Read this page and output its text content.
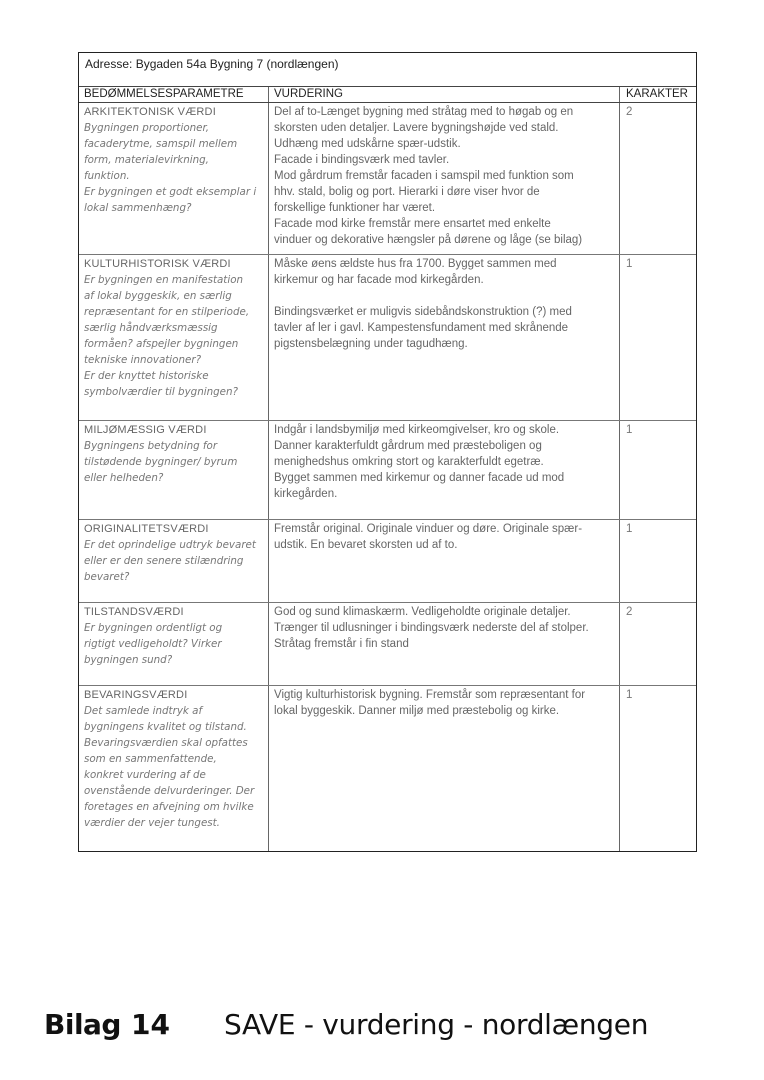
Adresse: Bygaden 54a Bygning 7 (nordlængen)
BEDØMMELSESPARAMETRE	VURDERING	KARAKTER
ARKITEKTONISK VÆRDI
Bygningen proportioner,
facaderytme, samspil mellem
form, materialevirkning,
funktion.
Er bygningen et godt eksemplar i
lokal sammenhæng?
Del af to-Længet bygning med stråtag med to høgab og en
skorsten uden detaljer. Lavere bygningshøjde ved stald.
Udhæng med udskårne spær-udstik.
Facade i bindingsværk med tavler.
Mod gårdrum fremstår facaden i samspil med funktion som
hhv. stald, bolig og port. Hierarki i døre viser hvor de
forskellige funktioner har været.
Facade mod kirke fremstår mere ensartet med enkelte
vinduer og dekorative hængsler på dørene og låge (se bilag)
2
KULTURHISTORISK VÆRDI
Er bygningen en manifestation
af lokal byggeskik, en særlig
repræsentant for en stilperiode,
særlig håndværksmæssig
formåen? afspejler bygningen
tekniske innovationer?
Er der knyttet historiske
symbolværdier til bygningen?
Måske øens ældste hus fra 1700. Bygget sammen med
kirkemur og har facade mod kirkegården.

Bindingsværket er muligvis sidebåndskonstruktion (?) med
tavler af ler i gavl. Kampestensfundament med skrånende
pigstensbelægning under tagudhæng.
1
MILJØMÆSSIG VÆRDI
Bygningens betydning for
tilstødende bygninger/ byrum
eller helheden?
Indgår i landsbymiljø med kirkeomgivelser, kro og skole.
Danner karakterfuldt gårdrum med præsteboligen og
menighedshus omkring stort og karakterfuldt egetræ.
Bygget sammen med kirkemur og danner facade ud mod
kirkegården.
1
ORIGINALITETSVÆRDI
Er det oprindelige udtryk bevaret
eller er den senere stilændring
bevaret?
Fremstår original. Originale vinduer og døre. Originale spær-
udstik. En bevaret skorsten ud af to.
1
TILSTANDSVÆRDI
Er bygningen ordentligt og
rigtigt vedligeholdt? Virker
bygningen sund?
God og sund klimaskærm. Vedligeholdte originale detaljer.
Trænger til udlusninger i bindingsværk nederste del af stolper.
Stråtag fremstår i fin stand
2
BEVARINGSVÆRDI
Det samlede indtryk af
bygningens kvalitet og tilstand.
Bevaringsværdien skal opfattes
som en sammenfattende,
konkret vurdering af de
ovenstående delvurderinger. Der
foretages en afvejning om hvilke
værdier der vejer tungest.
Vigtig kulturhistorisk bygning. Fremstår som repræsentant for
lokal byggeskik. Danner miljø med præstebolig og kirke.
1
Bilag 14 SAVE - vurdering - nordlængen
